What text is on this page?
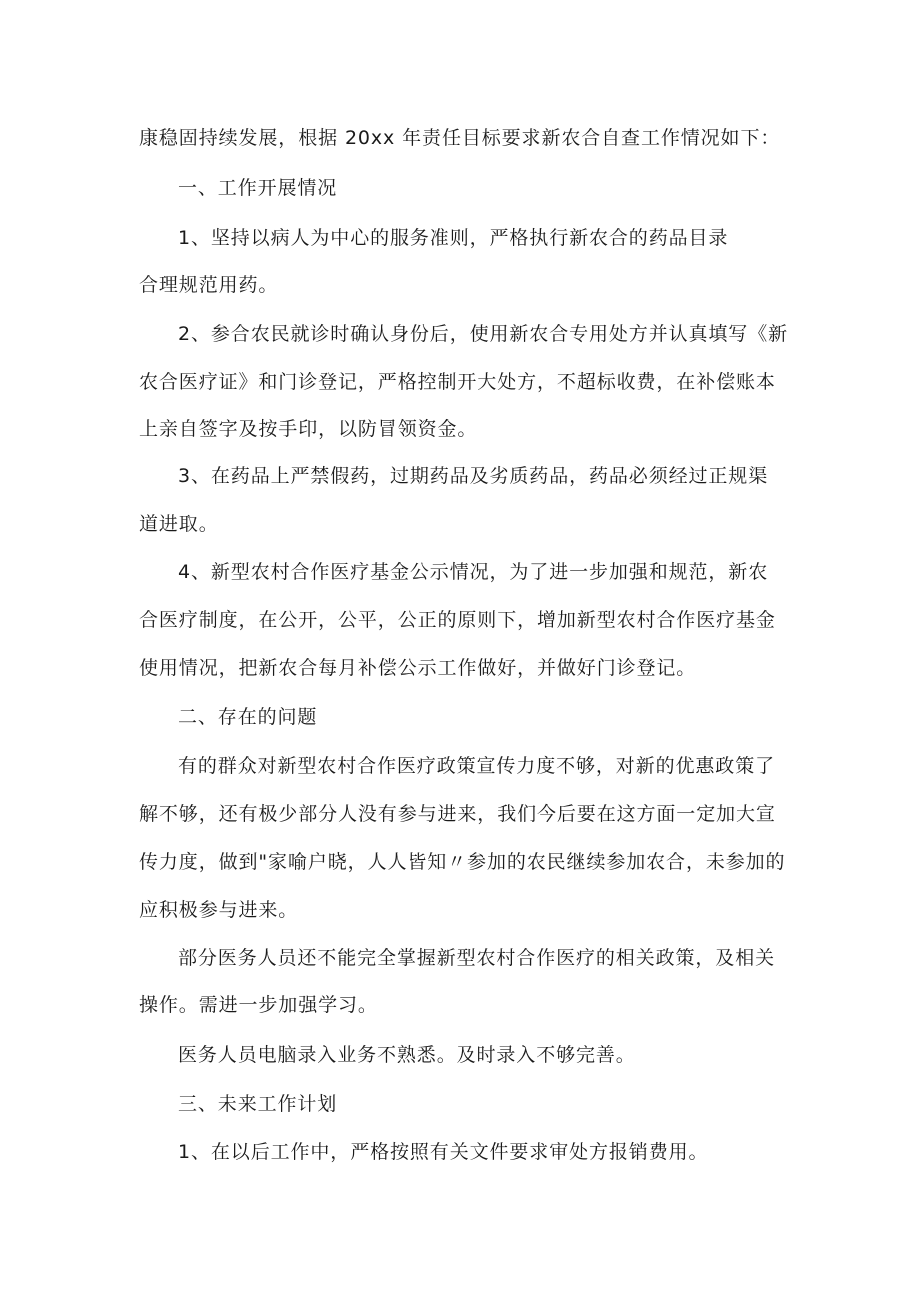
康稳固持续发展，根据 20xx 年责任目标要求新农合自查工作情况如下：
一、工作开展情况
1、坚持以病人为中心的服务准则，严格执行新农合的药品目录
合理规范用药。
2、参合农民就诊时确认身份后，使用新农合专用处方并认真填写《新
农合医疗证》和门诊登记，严格控制开大处方，不超标收费，在补偿账本
上亲自签字及按手印，以防冒领资金。
3、在药品上严禁假药，过期药品及劣质药品，药品必须经过正规渠
道进取。
4、新型农村合作医疗基金公示情况，为了进一步加强和规范，新农
合医疗制度，在公开，公平，公正的原则下，增加新型农村合作医疗基金
使用情况，把新农合每月补偿公示工作做好，并做好门诊登记。
二、存在的问题
有的群众对新型农村合作医疗政策宣传力度不够，对新的优惠政策了
解不够，还有极少部分人没有参与进来，我们今后要在这方面一定加大宣
传力度，做到"家喻户晓，人人皆知〃参加的农民继续参加农合，未参加的
应积极参与进来。
部分医务人员还不能完全掌握新型农村合作医疗的相关政策，及相关
操作。需进一步加强学习。
医务人员电脑录入业务不熟悉。及时录入不够完善。
三、未来工作计划
1、在以后工作中，严格按照有关文件要求审处方报销费用。
